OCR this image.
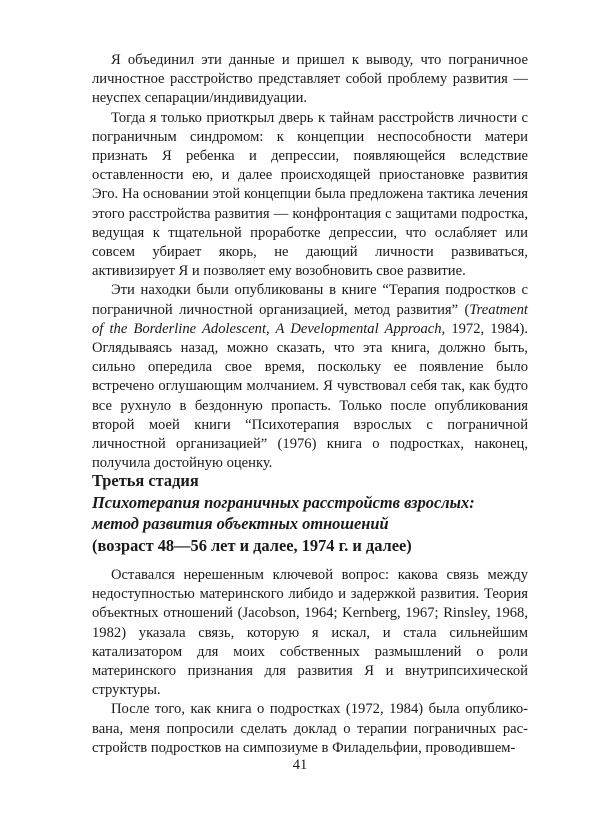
Я объединил эти данные и пришел к выводу, что пограничное личностное расстройство представляет собой проблему развития — неуспех сепарации/индивидуации.

Тогда я только приоткрыл дверь к тайнам расстройств личности с пограничным синдромом: к концепции неспособности матери признать Я ребенка и депрессии, появляющейся вследствие оставленности ею, и далее происходящей приостановке развития Эго. На основании этой концепции была предложена тактика лечения этого расстройства развития — конфронтация с защитами подростка, ведущая к тщательной проработке депрессии, что ослабляет или совсем убирает якорь, не дающий личности развиваться, активизирует Я и позволяет ему возобновить свое развитие.

Эти находки были опубликованы в книге “Терапия подростков с пограничной личностной организацией, метод развития” (Treatment of the Borderline Adolescent, A Developmental Approach, 1972, 1984). Оглядываясь назад, можно сказать, что эта книга, должно быть, сильно опередила свое время, поскольку ее появление было встречено оглушающим молчанием. Я чувствовал себя так, как будто все рухнуло в бездонную пропасть. Только после опубликования второй моей книги “Психотерапия взрослых с пограничной личностной организацией” (1976) книга о подростках, наконец, получила достойную оценку.

Третья стадия
Психотерапия пограничных расстройств взрослых:
метод развития объектных отношений
(возраст 48—56 лет и далее, 1974 г. и далее)

Оставался нерешенным ключевой вопрос: какова связь между недоступностью материнского либидо и задержкой развития. Теория объектных отношений (Jacobson, 1964; Kernberg, 1967; Rinsley, 1968, 1982) указала связь, которую я искал, и стала сильнейшим катализатором для моих собственных размышлений о роли материнского признания для развития Я и внутрипсихической структуры.

После того, как книга о подростках (1972, 1984) была опубликована, меня попросили сделать доклад о терапии пограничных расстройств подростков на симпозиуме в Филадельфии, проводившем-

41
